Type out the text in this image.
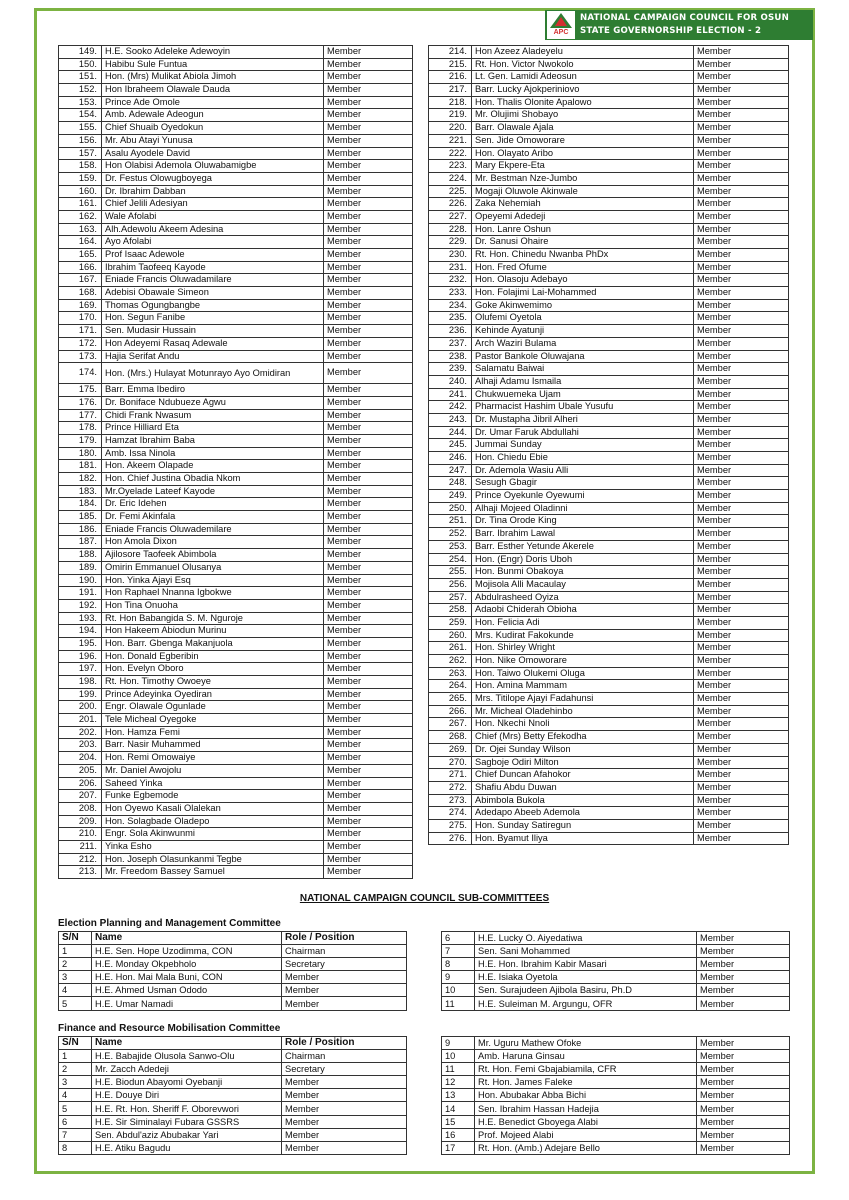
APC
NATIONAL CAMPAIGN COUNCIL FOR OSUN
STATE GOVERNORSHIP ELECTION - 2
149.	H.E. Sooko Adeleke Adewoyin	Member
150.	Habibu Sule Funtua	Member
151.	Hon. (Mrs) Mulikat Abiola Jimoh	Member
152.	Hon Ibraheem Olawale Dauda	Member
153.	Prince Ade Omole	Member
154.	Amb. Adewale Adeogun	Member
155.	Chief Shuaib Oyedokun	Member
156.	Mr. Abu Atayi Yunusa	Member
157.	Asalu Ayodele David	Member
158.	Hon Olabisi Ademola Oluwabamigbe	Member
159.	Dr. Festus Olowugboyega	Member
160.	Dr. Ibrahim Dabban	Member
161.	Chief Jelili Adesiyan	Member
162.	Wale Afolabi	Member
163.	Alh.Adewolu Akeem Adesina	Member
164.	Ayo Afolabi	Member
165.	Prof Isaac Adewole	Member
166.	Ibrahim Taofeeq Kayode	Member
167.	Eniade Francis Oluwadamilare	Member
168.	Adebisi Obawale Simeon	Member
169.	Thomas Ogungbangbe	Member
170.	Hon. Segun Fanibe	Member
171.	Sen. Mudasir Hussain	Member
172.	Hon Adeyemi Rasaq Adewale	Member
173.	Hajia Serifat Andu	Member
174.	Hon. (Mrs.) Hulayat Motunrayo Ayo Omidiran	Member
175.	Barr. Emma Ibediro	Member
176.	Dr. Boniface Ndubueze Agwu	Member
177.	Chidi Frank Nwasum	Member
178.	Prince Hilliard Eta	Member
179.	Hamzat Ibrahim Baba	Member
180.	Amb. Issa Ninola	Member
181.	Hon. Akeem Olapade	Member
182.	Hon. Chief Justina Obadia Nkom	Member
183.	Mr.Oyelade Lateef Kayode	Member
184.	Dr. Eric Idehen	Member
185.	Dr. Femi Akinfala	Member
186.	Eniade Francis Oluwademilare	Member
187.	Hon Amola Dixon	Member
188.	Ajilosore Taofeek Abimbola	Member
189.	Omirin Emmanuel Olusanya	Member
190.	Hon. Yinka Ajayi Esq	Member
191.	Hon Raphael Nnanna Igbokwe	Member
192.	Hon Tina Onuoha	Member
193.	Rt. Hon Babangida S. M. Nguroje	Member
194.	Hon Hakeem Abiodun Murinu	Member
195.	Hon. Barr. Gbenga Makanjuola	Member
196.	Hon. Donald Egberibin	Member
197.	Hon. Evelyn Oboro	Member
198.	Rt. Hon. Timothy Owoeye	Member
199.	Prince Adeyinka Oyediran	Member
200.	Engr. Olawale Ogunlade	Member
201.	Tele Micheal Oyegoke	Member
202.	Hon. Hamza Femi	Member
203.	Barr. Nasir Muhammed	Member
204.	Hon. Remi Omowaiye	Member
205.	Mr. Daniel Awojolu	Member
206.	Saheed Yinka	Member
207.	Funke Egbemode	Member
208.	Hon Oyewo Kasali Olalekan	Member
209.	Hon. Solagbade Oladepo	Member
210.	Engr. Sola Akinwunmi	Member
211.	Yinka Esho	Member
212.	Hon. Joseph Olasunkanmi Tegbe	Member
213.	Mr. Freedom Bassey Samuel	Member
214.	Hon Azeez Aladeyelu	Member
215.	Rt. Hon. Victor Nwokolo	Member
216.	Lt. Gen. Lamidi Adeosun	Member
217.	Barr. Lucky Ajokperiniovo	Member
218.	Hon. Thalis Olonite Apalowo	Member
219.	Mr. Olujimi Shobayo	Member
220.	Barr. Olawale Ajala	Member
221.	Sen. Jide Omoworare	Member
222.	Hon. Olayato Aribo	Member
223.	Mary Ekpere-Eta	Member
224.	Mr. Bestman Nze-Jumbo	Member
225.	Mogaji Oluwole Akinwale	Member
226.	Zaka Nehemiah	Member
227.	Opeyemi Adedeji	Member
228.	Hon. Lanre Oshun	Member
229.	Dr. Sanusi Ohaire	Member
230.	Rt. Hon. Chinedu Nwanba PhDx	Member
231.	Hon. Fred Ofume	Member
232.	Hon. Olasoju Adebayo	Member
233.	Hon. Folajimi Lai-Mohammed	Member
234.	Goke Akinwemimo	Member
235.	Olufemi Oyetola	Member
236.	Kehinde Ayatunji	Member
237.	Arch Waziri Bulama	Member
238.	Pastor Bankole Oluwajana	Member
239.	Salamatu Baiwai	Member
240.	Alhaji Adamu Ismaila	Member
241.	Chukwuemeka Ujam	Member
242.	Pharmacist Hashim Ubale Yusufu	Member
243.	Dr. Mustapha Jibril Alheri	Member
244.	Dr. Umar Faruk Abdullahi	Member
245.	Jummai Sunday	Member
246.	Hon. Chiedu Ebie	Member
247.	Dr. Ademola Wasiu Alli	Member
248.	Sesugh Gbagir	Member
249.	Prince Oyekunle Oyewumi	Member
250.	Alhaji Mojeed Oladinni	Member
251.	Dr. Tina Orode King	Member
252.	Barr. Ibrahim Lawal	Member
253.	Barr. Esther Yetunde Akerele	Member
254.	Hon. (Engr) Doris Uboh	Member
255.	Hon. Bunmi Obakoya	Member
256.	Mojisola Alli Macaulay	Member
257.	Abdulrasheed Oyiza	Member
258.	Adaobi Chiderah Obioha	Member
259.	Hon. Felicia Adi	Member
260.	Mrs. Kudirat Fakokunde	Member
261.	Hon. Shirley Wright	Member
262.	Hon. Nike Omoworare	Member
263.	Hon. Taiwo Olukemi Oluga	Member
264.	Hon. Amina Mammam	Member
265.	Mrs. Titilope Ajayi Fadahunsi	Member
266.	Mr. Micheal Oladehinbo	Member
267.	Hon. Nkechi Nnoli	Member
268.	Chief (Mrs) Betty Efekodha	Member
269.	Dr. Ojei Sunday Wilson	Member
270.	Sagboje Odiri Milton	Member
271.	Chief Duncan Afahokor	Member
272.	Shafiu Abdu Duwan	Member
273.	Abimbola Bukola	Member
274.	Adedapo Abeeb Ademola	Member
275.	Hon. Sunday Satiregun	Member
276.	Hon. Byamut Iliya	Member
NATIONAL CAMPAIGN COUNCIL SUB-COMMITTEES
Election Planning and Management Committee
S/N	Name	Role / Position
1	H.E. Sen. Hope Uzodimma, CON	Chairman
2	H.E. Monday Okpebholo	Secretary
3	H.E. Hon. Mai Mala Buni, CON	Member
4	H.E. Ahmed Usman Ododo	Member
5	H.E. Umar Namadi	Member
6	H.E. Lucky O. Aiyedatiwa	Member
7	Sen. Sani Mohammed	Member
8	H.E. Hon. Ibrahim Kabir Masari	Member
9	H.E. Isiaka Oyetola	Member
10	Sen. Surajudeen Ajibola Basiru, Ph.D	Member
11	H.E. Suleiman M. Argungu, OFR	Member
Finance and Resource Mobilisation Committee
S/N	Name	Role / Position
1	H.E. Babajide Olusola Sanwo-Olu	Chairman
2	Mr. Zacch Adedeji	Secretary
3	H.E. Biodun Abayomi Oyebanji	Member
4	H.E. Douye Diri	Member
5	H.E. Rt. Hon. Sheriff F. Oborevwori	Member
6	H.E. Sir Siminalayi Fubara GSSRS	Member
7	Sen. Abdul'aziz Abubakar Yari	Member
8	H.E. Atiku Bagudu	Member
9	Mr. Uguru Mathew Ofoke	Member
10	Amb. Haruna Ginsau	Member
11	Rt. Hon. Femi Gbajabiamila, CFR	Member
12	Rt. Hon. James Faleke	Member
13	Hon. Abubakar Abba Bichi	Member
14	Sen. Ibrahim Hassan Hadejia	Member
15	H.E. Benedict Gboyega Alabi	Member
16	Prof. Mojeed Alabi	Member
17	Rt. Hon. (Amb.) Adejare Bello	Member
